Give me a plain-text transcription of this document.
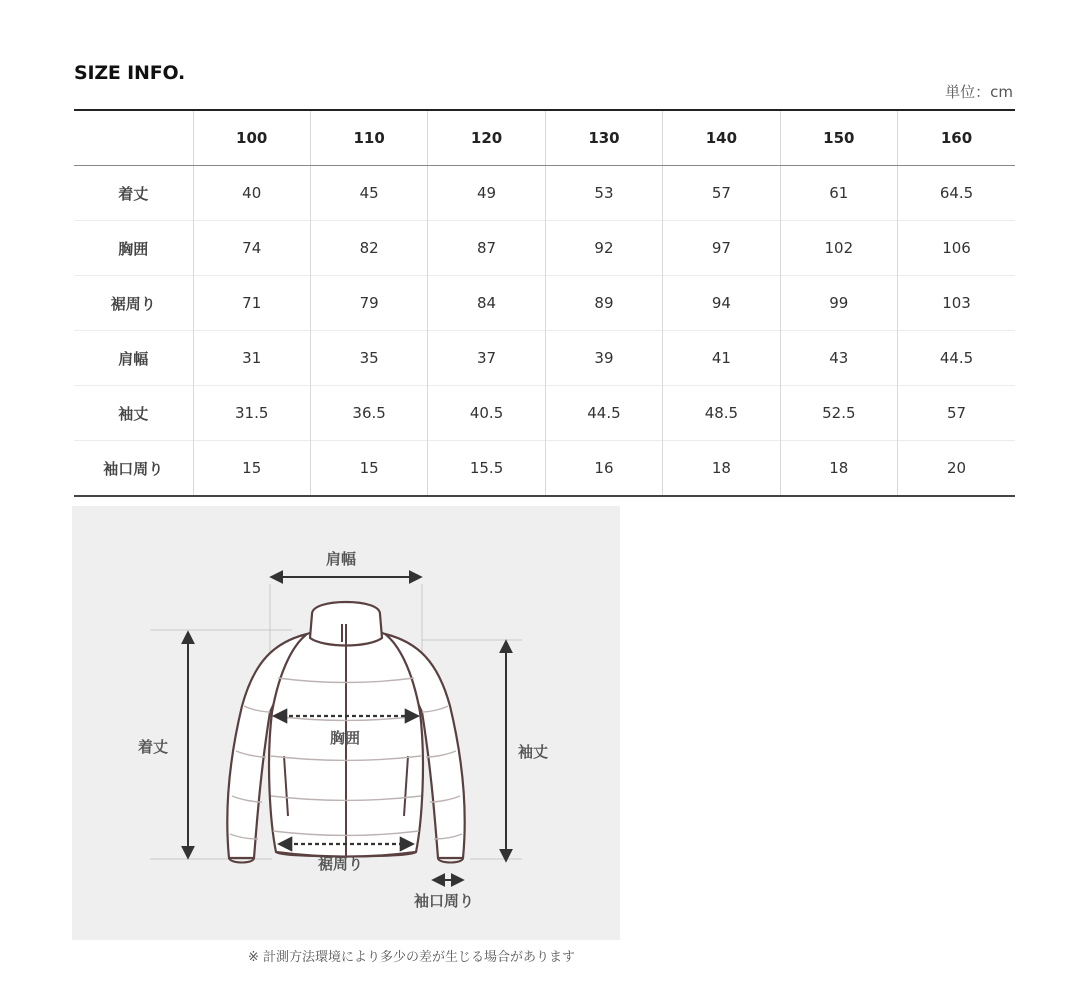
SIZE INFO.
単位：cm
	100	110	120	130	140	150	160
着丈	40	45	49	53	57	61	64.5
胸囲	74	82	87	92	97	102	106
裾周り	71	79	84	89	94	99	103
肩幅	31	35	37	39	41	43	44.5
袖丈	31.5	36.5	40.5	44.5	48.5	52.5	57
袖口周り	15	15	15.5	16	18	18	20
肩幅
着丈	胸囲
袖丈
裾周り
袖口周り
※ 計測方法環境により多少の差が生じる場合があります
